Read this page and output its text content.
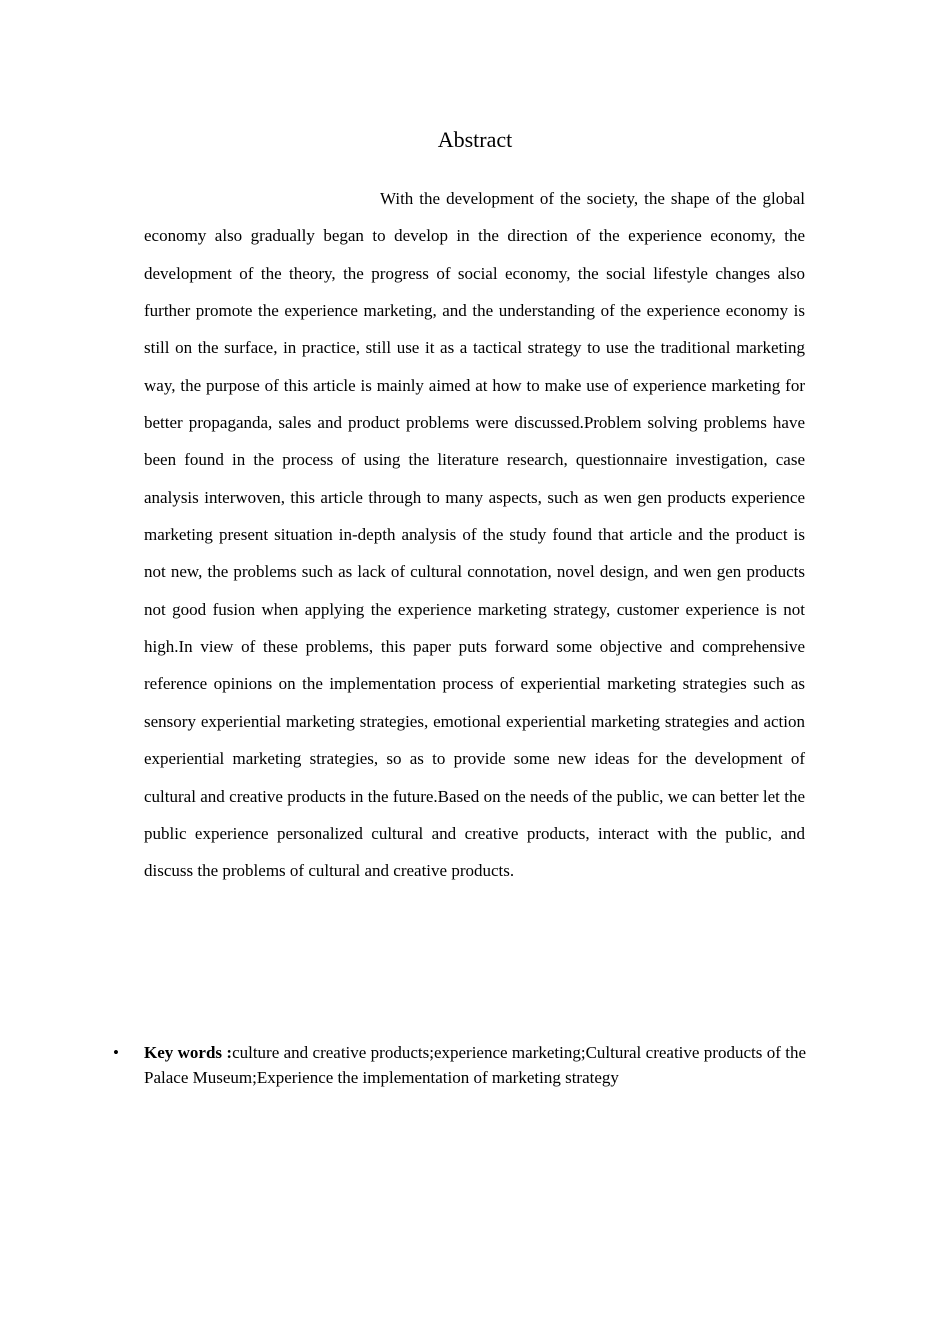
Abstract

With the development of the society, the shape of the global economy also gradually began to develop in the direction of the experience economy, the development of the theory, the progress of social economy, the social lifestyle changes also further promote the experience marketing, and the understanding of the experience economy is still on the surface, in practice, still use it as a tactical strategy to use the traditional marketing way, the purpose of this article is mainly aimed at how to make use of experience marketing for better propaganda, sales and product problems were discussed.Problem solving problems have been found in the process of using the literature research, questionnaire investigation, case analysis interwoven, this article through to many aspects, such as wen gen products experience marketing present situation in-depth analysis of the study found that article and the product is not new, the problems such as lack of cultural connotation, novel design, and wen gen products not good fusion when applying the experience marketing strategy, customer experience is not high.In view of these problems, this paper puts forward some objective and comprehensive reference opinions on the implementation process of experiential marketing strategies such as sensory experiential marketing strategies, emotional experiential marketing strategies and action experiential marketing strategies, so as to provide some new ideas for the development of cultural and creative products in the future.Based on the needs of the public, we can better let the public experience personalized cultural and creative products, interact with the public, and discuss the problems of cultural and creative products.

• Key words :culture and creative products;experience marketing;Cultural creative products of the Palace Museum;Experience the implementation of marketing strategy
